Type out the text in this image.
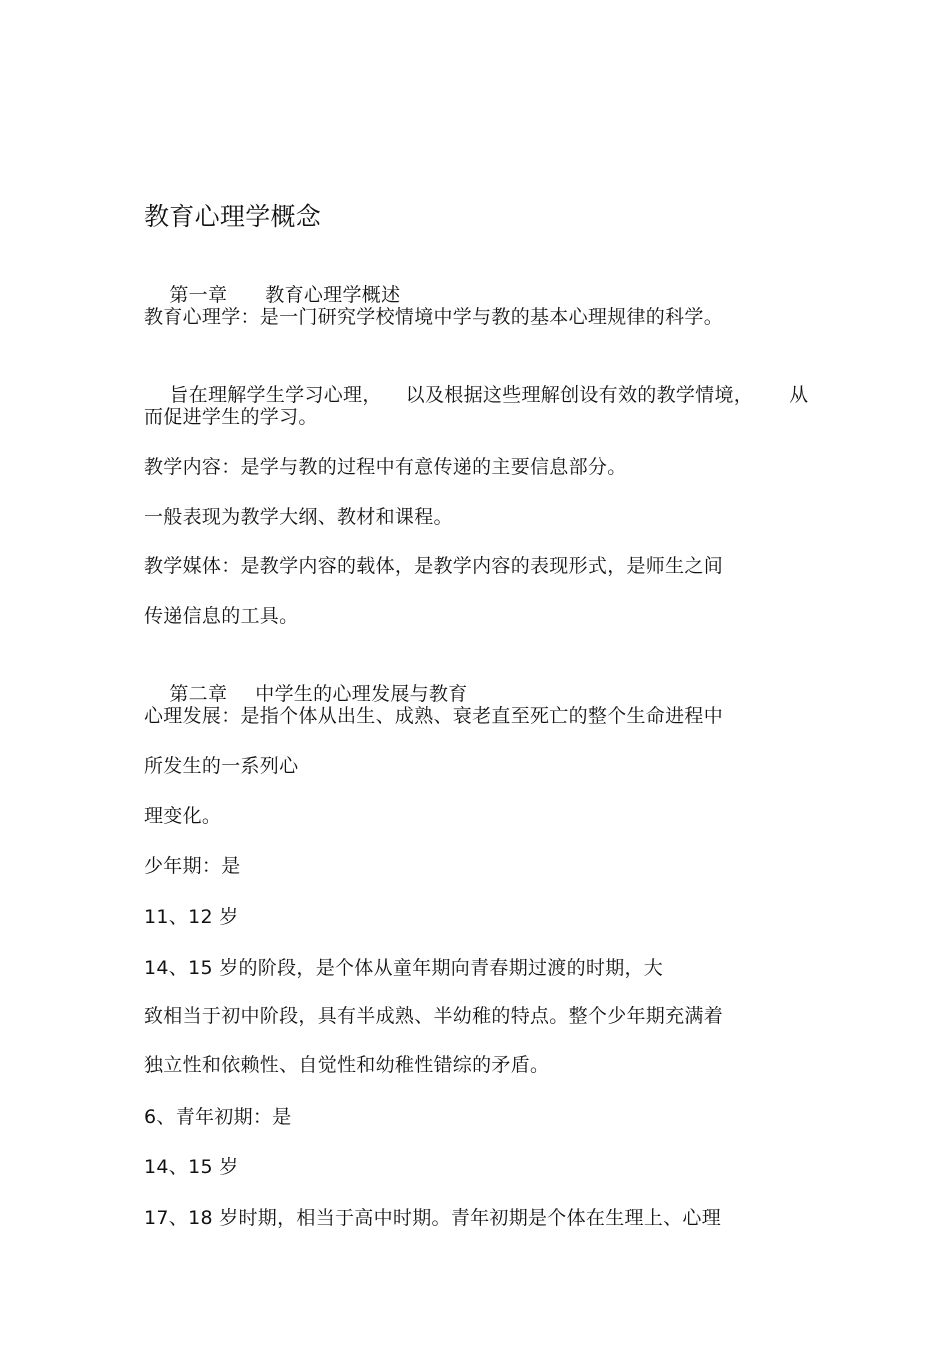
教育心理学概念

第一章 教育心理学概述

教育心理学：是一门研究学校情境中学与教的基本心理规律的科学。

旨在理解学生学习心理， 以及根据这些理解创设有效的教学情境， 从

而促进学生的学习。
教学内容：是学与教的过程中有意传递的主要信息部分。
一般表现为教学大纲、教材和课程。
教学媒体：是教学内容的载体，是教学内容的表现形式，是师生之间
传递信息的工具。

第二章 中学生的心理发展与教育

心理发展：是指个体从出生、成熟、衰老直至死亡的整个生命进程中
所发生的一系列心
理变化。
少年期：是
11、12 岁
14、15 岁的阶段，是个体从童年期向青春期过渡的时期，大
致相当于初中阶段，具有半成熟、半幼稚的特点。整个少年期充满着
独立性和依赖性、自觉性和幼稚性错综的矛盾。
6、青年初期：是
14、15 岁
17、18 岁时期，相当于高中时期。青年初期是个体在生理上、心理
